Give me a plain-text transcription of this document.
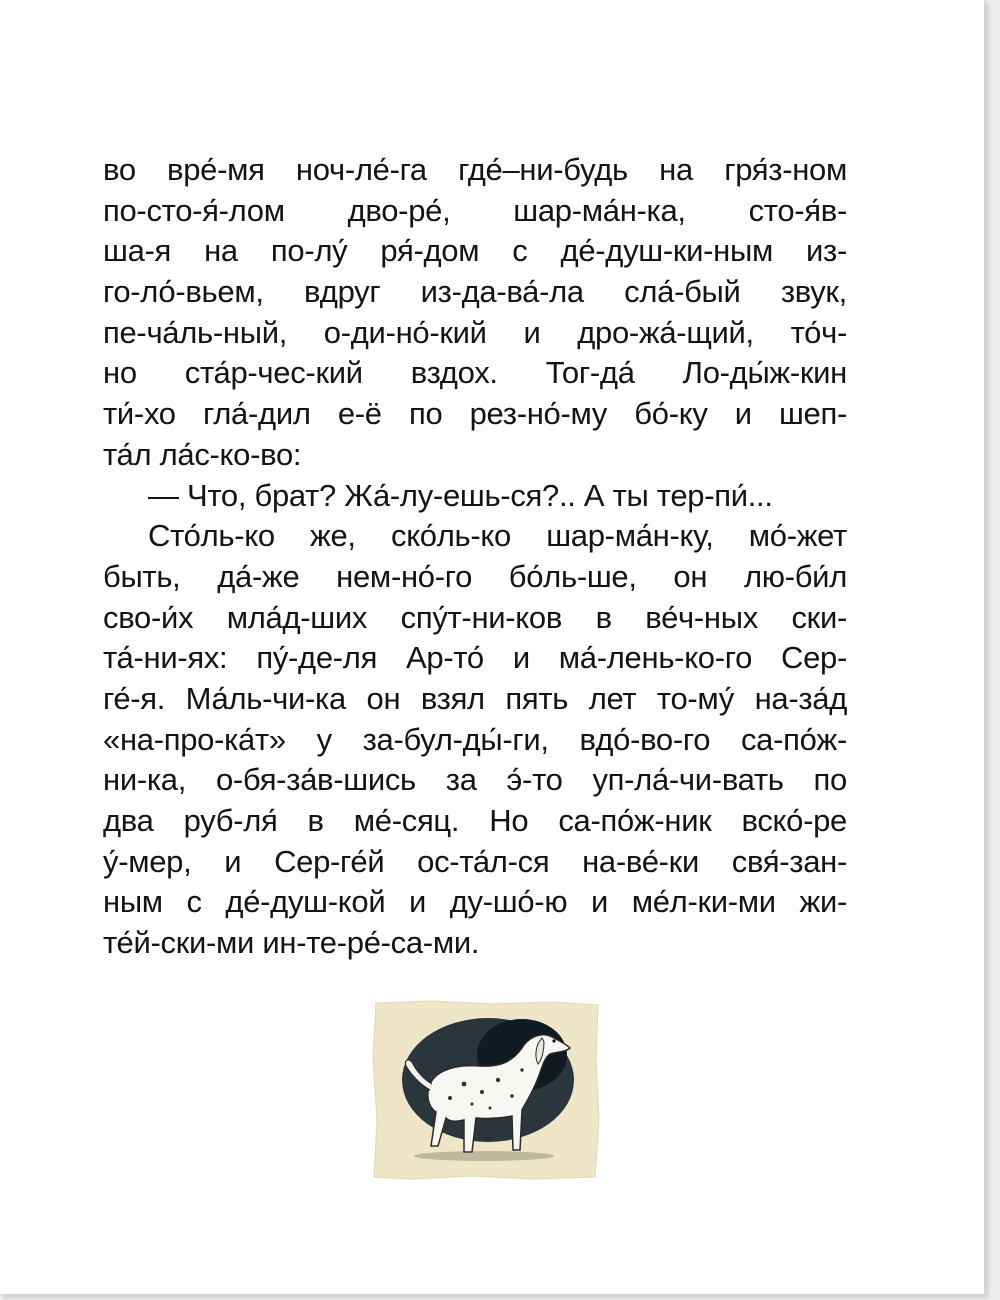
во вре́-мя ноч-ле́-га где́–ни-будь на гря́з-ном
по-сто-я́-лом дво-ре́, шар-ма́н-ка, сто-я́в-
ша-я на по-лу́ ря́-дом с де́-душ-ки-ным из-
го-ло́-вьем, вдруг из-да-ва́-ла сла́-бый звук,
пе-ча́ль-ный, о-ди-но́-кий и дро-жа́-щий, то́ч-
но ста́р-чес-кий вздох. Тог-да́ Ло-ды́ж-кин
ти́-хо гла́-дил е-ё по рез-но́-му бо́-ку и шеп-
та́л ла́с-ко-во:
— Что, брат? Жа́-лу-ешь-ся?.. А ты тер-пи́...
Сто́ль-ко же, ско́ль-ко шар-ма́н-ку, мо́-жет
быть, да́-же нем-но́-го бо́ль-ше, он лю-би́л
сво-и́х мла́д-ших спу́т-ни-ков в ве́ч-ных ски-
та́-ни-ях: пу́-де-ля Ар-то́ и ма́-лень-ко-го Сер-
ге́-я. Ма́ль-чи-ка он взял пять лет то-му́ на-за́д
«на-про-ка́т» у за-бул-ды́-ги, вдо́-во-го са-по́ж-
ни-ка, о-бя-за́в-шись за э́-то уп-ла́-чи-вать по
два руб-ля́ в ме́-сяц. Но са-по́ж-ник вско́-ре
у́-мер, и Сер-ге́й ос-та́л-ся на-ве́-ки свя́-зан-
ным с де́-душ-кой и ду-шо́-ю и ме́л-ки-ми жи-
те́й-ски-ми ин-те-ре́-са-ми.
